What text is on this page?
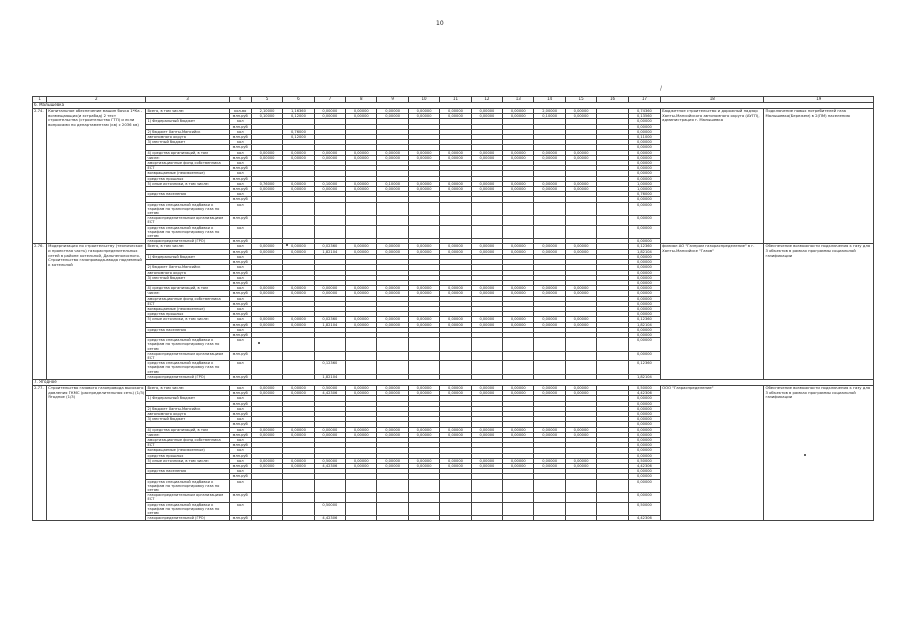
10
/
1	2	3	4	5	6	7	8	9	10	11	12	13	14	15	16	17	18	19
6. Малышевка																		
2.74.	Капитальное обеспечение машин бочка 1*Ка - возмещающих(и эстрабад) 2 тест строительства (строительство ГТП) и если вопросами по департаментам (кв) с 2036 кв)	Всего, в том числе:	кол-во	2,10000	1,16360	0,00000	0,00000	0,00000	0,00000	0,00000	0,00000	0,00000	2,00000	0,00000		0,74360	Бюджетное строительство и дорожный надзор Ханты-Мансийского автономного округа (АУГП), администрация г. Малышевка	Подключение новых потребителей газа Малышевка(Бережем) в 2(ПМ) населению
			млн.руб	0,10000	0,12000	0,00000	0,00000	0,00000	0,00000	0,00000	0,00000	0,00000	0,10000	0,00000		0,13560		
		1) Федеральный бюджет	кол													0,00000		
			млн.руб													0,00000		
		2) бюджет Ханты-Мансийск	кол		0,76000											0,00000		
		автономного округа	млн.руб		0,12000											0,11000		
		3) местный бюджет	кол													0,00000		
			млн.руб													0,00000		
		4) средства организаций, в том	кол	0,00000	0,00000	0,00000	0,00000	0,00000	0,00000	0,00000	0,00000	0,00000	0,00000	0,00000		0,00000		
		числе:	млн.руб	0,00000	0,00000	0,00000	0,00000	0,00000	0,00000	0,00000	0,00000	0,00000	0,00000	0,00000		0,00000		
		амортизационные фонд собственника	кол													0,00000		
		ЕСТ	млн.руб													0,00000		
		возвращаемые (неосвоенные)	кол													0,00000		
		средства прошлых	млн.руб													0,00000		
		5) иные источники, в том числе:	кол	0,76000	0,00000	0,10000	0,00000	0,10000	0,00000	0,00000	0,00000	0,00000	0,00000	0,00000		1,00000		
			млн.руб	0,00000	0,00000	0,00000	0,00000	0,00000	0,00000	0,00000	0,00000	0,00000	0,00000	0,00000		1,00000		
		средства населения	кол													0,76000		
			млн.руб													0,00000		
		средства специальной надбавки к тарифам на транспортировку газа по сетям	кол													0,00000		
		газораспределительным организациям ЕСТ	млн.руб													0,00000		
		средства специальной надбавки к тарифам на транспортировку газа по сетям	кол													0,00000		
		газораспределительной (ГРО)	млн.руб													0,00000		
2.76.	Модернизация по строительству (техническое и проектная часть) газораспределительных сетей в районе котельной, Дальнеполосного. Строительство газопровода-ввода надземный к котельной	Всего, в том числе:	кол	0,00000	0,00000	0,02360	0,00000	0,00000	0,00000	0,00000	0,00000	0,00000	0,00000	0,00000		0,12360	филиал АО "Газпром газораспределение" в г. Ханты-Мансийске "Газов"	Обеспечение возможности подключения к газу для 3 объектов в рамках программы социальной газификации
			млн.руб	0,00000	0,00000	1,82104	0,00000	0,00000	0,00000	0,00000	0,00000	0,00000	0,00000	0,00000		1,82104		
		1) Федеральный бюджет	кол													0,00000		
			млн.руб													0,00000		
		2) бюджет Ханты-Мансийск	кол													0,00000		
		автономного округа	млн.руб													0,00000		
		3) местный бюджет	кол													0,00000		
			млн.руб													0,00000		
		4) средства организаций, в том	кол	0,00000	0,00000	0,00000	0,00000	0,00000	0,00000	0,00000	0,00000	0,00000	0,00000	0,00000		0,00000		
		числе:	млн.руб	0,00000	0,00000	0,00000	0,00000	0,00000	0,00000	0,00000	0,00000	0,00000	0,00000	0,00000		0,00000		
		амортизационные фонд собственника	кол													0,00000		
		ЕСТ	млн.руб													0,00000		
		возвращаемые (неосвоенные)	кол													0,00000		
		средства прошлых	млн.руб													0,00000		
		5) иные источники, в том числе:	кол	0,00000	0,00000	0,02360	0,00000	0,00000	0,00000	0,00000	0,00000	0,00000	0,00000	0,00000		0,12360		
			млн.руб	0,00000	0,00000	1,82104	0,00000	0,00000	0,00000	0,00000	0,00000	0,00000	0,00000	0,00000		1,82104		
		средства населения	кол													0,00000		
			млн.руб													0,00000		
		средства специальной надбавки к тарифам на транспортировку газа по сетям	кол													0,00000		
		газораспределительным организациям ЕСТ	млн.руб													0,00000		
		средства специальной надбавки к тарифам на транспортировку газа по сетям	кол			0,12360										0,12360		
		газораспределительной (ГРО)	млн.руб			1,82104										1,82104		
7. Ягодное																		
2.77.	Строительство газового газопровода высокого давления ГКМС (распределительная сеть) (1/3) Ягодное (1/3)	Всего, в том числе:	кол	0,00000	0,00000	0,50000	0,00000	0,00000	0,00000	0,00000	0,00000	0,00000	0,00000	0,00000		0,50000	ООО "Газраспределение"	Обеспечение возможности подключения к газу для 3 объектов в рамках программы социальной газификации
			млн.руб	0,00000	0,00000	4,42306	0,00000	0,00000	0,00000	0,00000	0,00000	0,00000	0,00000	0,00000		4,42306		
		1) Федеральный бюджет	кол													0,00000		
			млн.руб													0,00000		
		2) бюджет Ханты-Мансийск	кол													0,00000		
		автономного округа	млн.руб													0,00000		
		3) местный бюджет	кол													0,00000		
			млн.руб													0,00000		
		4) средства организаций, в том	кол	0,00000	0,00000	0,00000	0,00000	0,00000	0,00000	0,00000	0,00000	0,00000	0,00000	0,00000		0,00000		
		числе:	млн.руб	0,00000	0,00000	0,00000	0,00000	0,00000	0,00000	0,00000	0,00000	0,00000	0,00000	0,00000		0,00000		
		амортизационные фонд собственника	кол													0,00000		
		ЕСТ	млн.руб													0,00000		
		возвращаемые (неосвоенные)	кол													0,00000		
		средства прошлых	млн.руб													0,00000		
		5) иные источники, в том числе:	кол	0,00000	0,00000	0,50000	0,00000	0,00000	0,00000	0,00000	0,00000	0,00000	0,00000	0,00000		0,50000		
			млн.руб	0,00000	0,00000	4,42306	0,00000	0,00000	0,00000	0,00000	0,00000	0,00000	0,00000	0,00000		4,42306		
		средства населения	кол													0,00000		
			млн.руб													0,00000		
		средства специальной надбавки к тарифам на транспортировку газа по сетям	кол													0,00000		
		газораспределительным организациям ЕСТ	млн.руб													0,00000		
		средства специальной надбавки к тарифам на транспортировку газа по сетям	кол			0,50000										0,50000		
		газораспределительной (ГРО)	млн.руб			4,42306										4,42306		
